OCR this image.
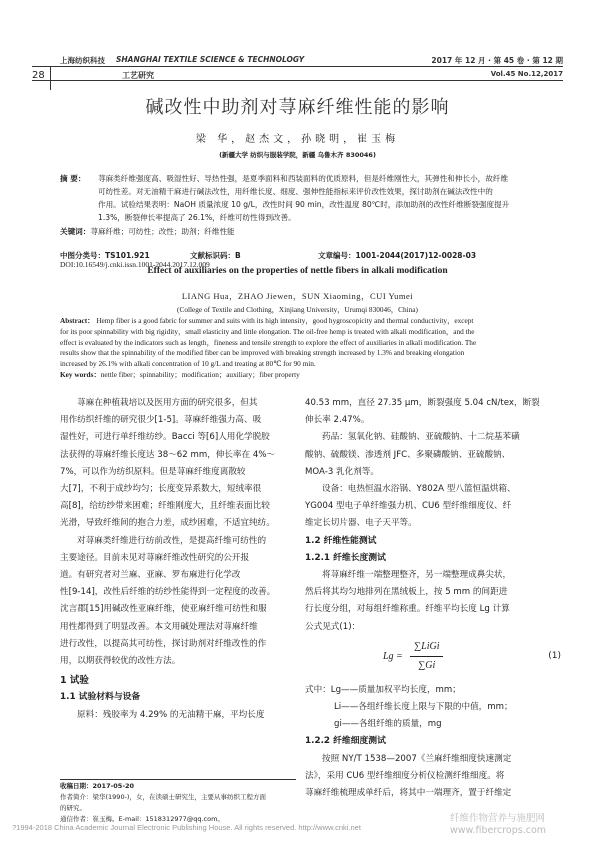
上海纺织科技 SHANGHAI TEXTILE SCIENCE & TECHNOLOGY	2017 年 12 月 · 第 45 卷 · 第 12 期
28	工艺研究	Vol.45 No.12,2017
碱改性中助剂对荨麻纤维性能的影响
梁 华，赵杰文，孙晓明，崔玉梅
(新疆大学 纺织与服装学院，新疆 乌鲁木齐 830046)
摘 要： 荨麻类纤维强度高、吸湿性好、导热性强，是夏季面料和西装面料的优质原料，但是纤维刚性大，其弹性和伸长小，故纤维
可纺性差。对无油精干麻进行碱法改性，用纤维长度、细度、强伸性能指标来评价改性效果，探讨助剂在碱法改性中的
作用。试验结果表明：NaOH 质量浓度 10 g/L，改性时间 90 min，改性温度 80℃时，添加助剂的改性纤维断裂强度提升
1.3%，断裂伸长率提高了 26.1%，纤维可纺性得到改善。
关键词：荨麻纤维；可纺性；改性；助剂；纤维性能
中图分类号：TS101.921	文献标识码：B	文章编号：1001-2044(2017)12-0028-03
DOI:10.16549/j.cnki.issn.1001-2044.2017.12.009
Effect of auxiliaries on the properties of nettle fibers in alkali modification
LIANG Hua，ZHAO Jiewen，SUN Xiaoming，CUI Yumei
(College of Textile and Clothing，Xinjiang University，Urumqi 830046，China)
Abstract： Hemp fiber is a good fabric for summer and suits with its high intensity，good hygroscopicity and thermal conductivity，except
for its poor spinnability with big rigidity，small elasticity and little elongation. The oil-free hemp is treated with alkali modification，and the
effect is evaluated by the indicators such as length，fineness and tensile strength to explore the effect of auxiliaries in alkali modification. The
results show that the spinnability of the modified fiber can be improved with breaking strength increased by 1.3% and breaking elongation
increased by 26.1% with alkali concentration of 10 g/L and treating at 80℃ for 90 min.
Key words：nettle fiber；spinnability；modification；auxiliary；fiber property
荨麻在种植栽培以及医用方面的研究很多，但其
用作纺织纤维的研究很少[1-5]。荨麻纤维强力高、吸
湿性好，可进行单纤维纺纱。Bacci 等[6]人用化学脱胶
法获得的荨麻纤维长度达 38～62 mm，伸长率在 4%～
7%，可以作为纺织原料。但是荨麻纤维度离散较
大[7]，不利于成纱均匀；长度变异系数大，短绒率很
高[8]，给纺纱带来困难；纤维刚度大，且纤维表面比较
光滑，导致纤维间的抱合力差，成纱困难，不适宜纯纺。
对荨麻类纤维进行纺前改性，是提高纤维可纺性的
主要途径。目前未见对荨麻纤维改性研究的公开报
道。有研究者对兰麻、亚麻、罗布麻进行化学改
性[9-14]，改性后纤维的纺纱性能得到一定程度的改善。
沈言郡[15]用碱改性亚麻纤维，使亚麻纤维可纺性和服
用性都得到了明显改善。本文用碱处理法对荨麻纤维
进行改性，以提高其可纺性，探讨助剂对纤维改性的作
用，以期获得较优的改性方法。
1 试验
1.1 试验材料与设备
原料：残胶率为 4.29% 的无油精干麻，平均长度
收稿日期：2017-05-20
作者简介：梁华(1990-)，女，在读硕士研究生，主要从事纺织工程方面
的研究。
通信作者：崔玉梅。E-mail：1518312977@qq.com。
40.53 mm，直径 27.35 μm，断裂强度 5.04 cN/tex，断裂
伸长率 2.47%。
药品：氢氧化钠、硅酸钠、亚硫酸钠、十二烷基苯磺
酸钠、硫酸镁、渗透剂 JFC、多聚磷酸钠、亚硫酸钠、
MOA-3 乳化剂等。
设备：电热恒温水浴锅、Y802A 型八篮恒温烘箱、
YG004 型电子单纤维强力机、CU6 型纤维细度仪、纤
维定长切片器、电子天平等。
1.2 纤维性能测试
1.2.1 纤维长度测试
将荨麻纤维一端整理整齐，另一端整理成鼻尖状，
然后将其均匀地排列在黑绒板上，按 5 mm 的间距进
行长度分组，对每组纤维称重。纤维平均长度 Lg 计算
公式见式(1)：
Lg =
∑LiGi
∑Gi
(1)
式中：Lg——质量加权平均长度，mm；
Li——各组纤维长度上限与下限的中值，mm；
gi——各组纤维的质量，mg
1.2.2 纤维细度测试
按照 NY/T 1538—2007《兰麻纤维细度快速测定
法》，采用 CU6 型纤维细度分析仪检测纤维细度。将
荨麻纤维梳理成单纤后，将其中一端理齐，置于纤维定
?1994-2018 China Academic Journal Electronic Publishing House. All rights reserved. http://www.cnki.net
纤维作物营养与施肥网 www.fibercrops.com
